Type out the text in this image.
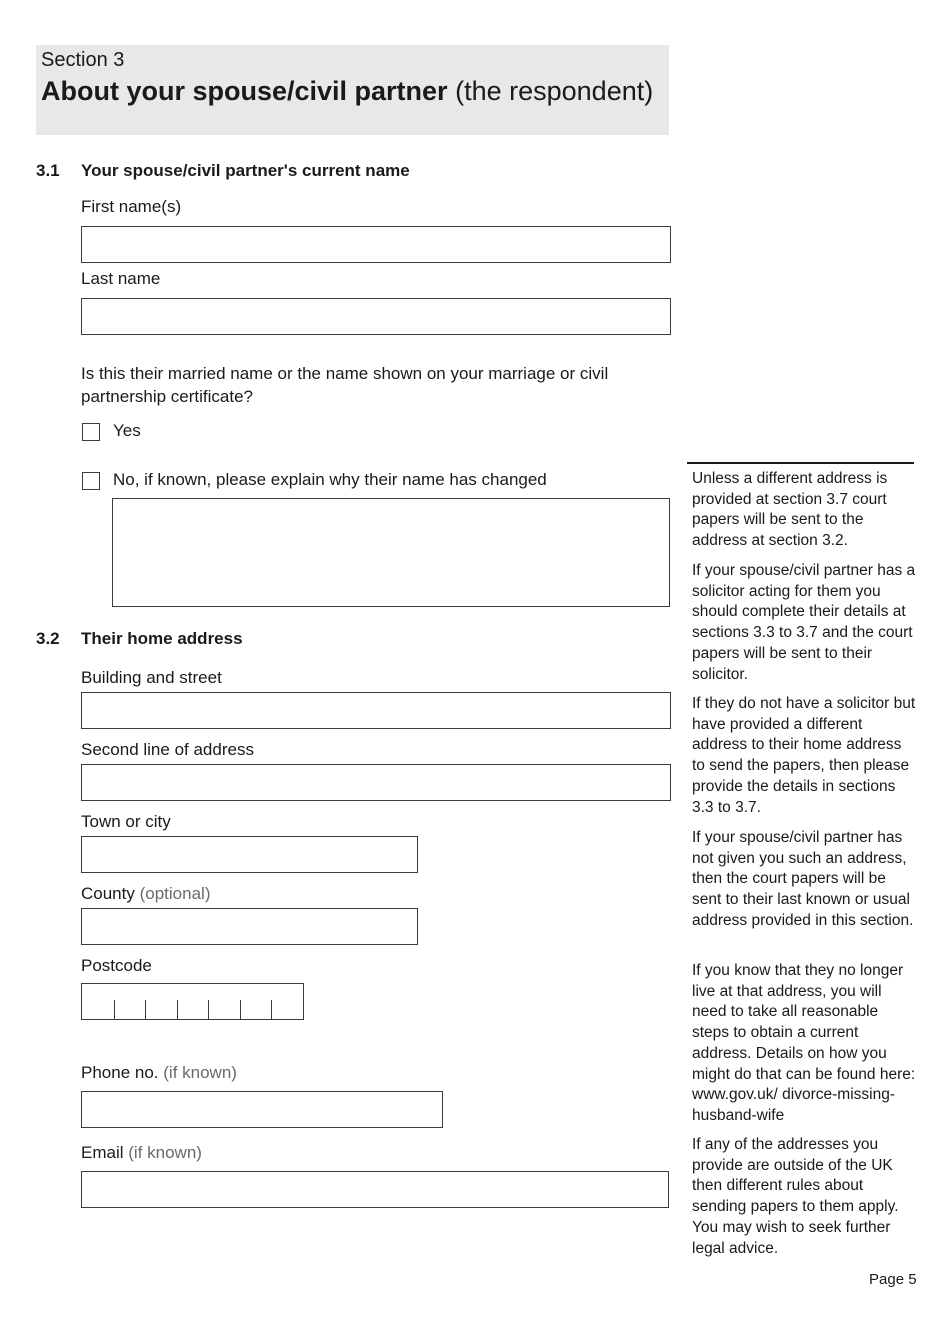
Section 3
About your spouse/civil partner (the respondent)
3.1 Your spouse/civil partner's current name
First name(s)
Last name
Is this their married name or the name shown on your marriage or civil
partnership certificate?
Yes
No, if known, please explain why their name has changed
3.2 Their home address
Building and street
Second line of address
Town or city
County (optional)
Postcode
Phone no. (if known)
Email (if known)
Unless a different address is provided at section 3.7 court papers will be sent to the address at section 3.2.
If your spouse/civil partner has a solicitor acting for them you should complete their details at sections 3.3 to 3.7 and the court papers will be sent to their solicitor.
If they do not have a solicitor but have provided a different address to their home address to send the papers, then please provide the details in sections 3.3 to 3.7.
If your spouse/civil partner has not given you such an address, then the court papers will be sent to their last known or usual address provided in this section.
If you know that they no longer live at that address, you will need to take all reasonable steps to obtain a current address. Details on how you might do that can be found here: www.gov.uk/ divorce-missing-husband-wife
If any of the addresses you provide are outside of the UK then different rules about sending papers to them apply. You may wish to seek further legal advice.
Page 5
